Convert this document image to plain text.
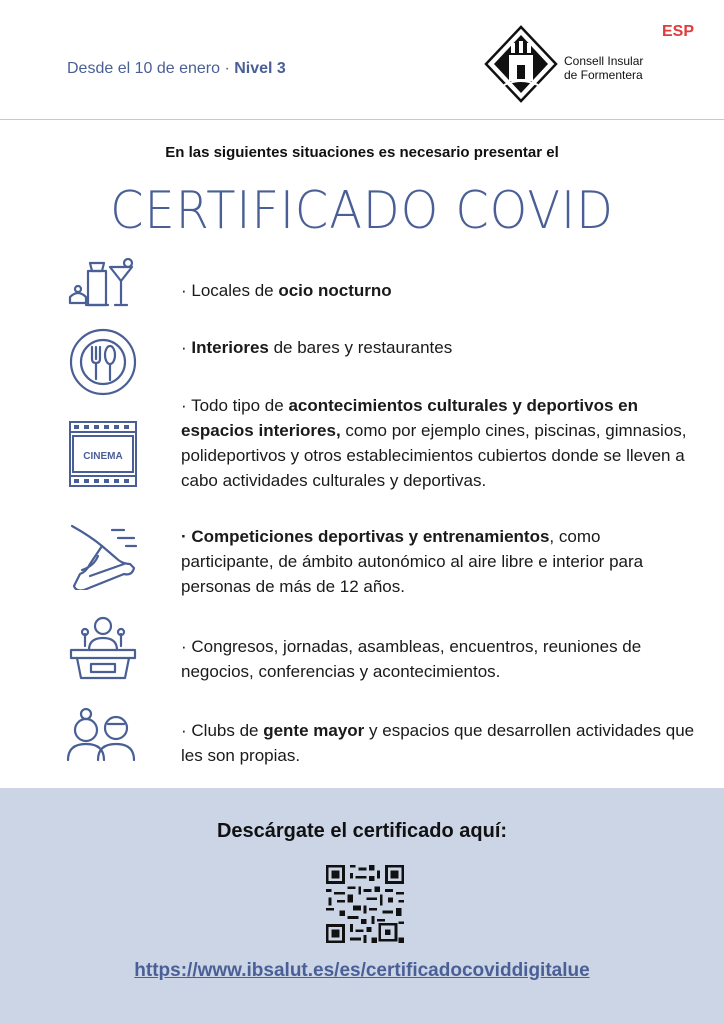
Desde el 10 de enero · Nivel 3	Consell Insular
de Formentera
ESP
En las siguientes situaciones es necesario presentar el
CERTIFICADO COVID
· Locales de ocio nocturno
· Interiores de bares y restaurantes
CINEMA
· Todo tipo de acontecimientos culturales y deportivos en espacios interiores, como por ejemplo cines, piscinas, gimnasios, polideportivos y otros establecimientos cubiertos donde se lleven a cabo actividades culturales y deportivas.
· Competiciones deportivas y entrenamientos, como participante, de ámbito autonómico al aire libre e interior para personas de más de 12 años.
· Congresos, jornadas, asambleas, encuentros, reuniones de negocios, conferencias y acontecimientos.
· Clubs de gente mayor y espacios que desarrollen actividades que les son propias.
Descárgate el certificado aquí:
https://www.ibsalut.es/es/certificadocoviddigitalue
